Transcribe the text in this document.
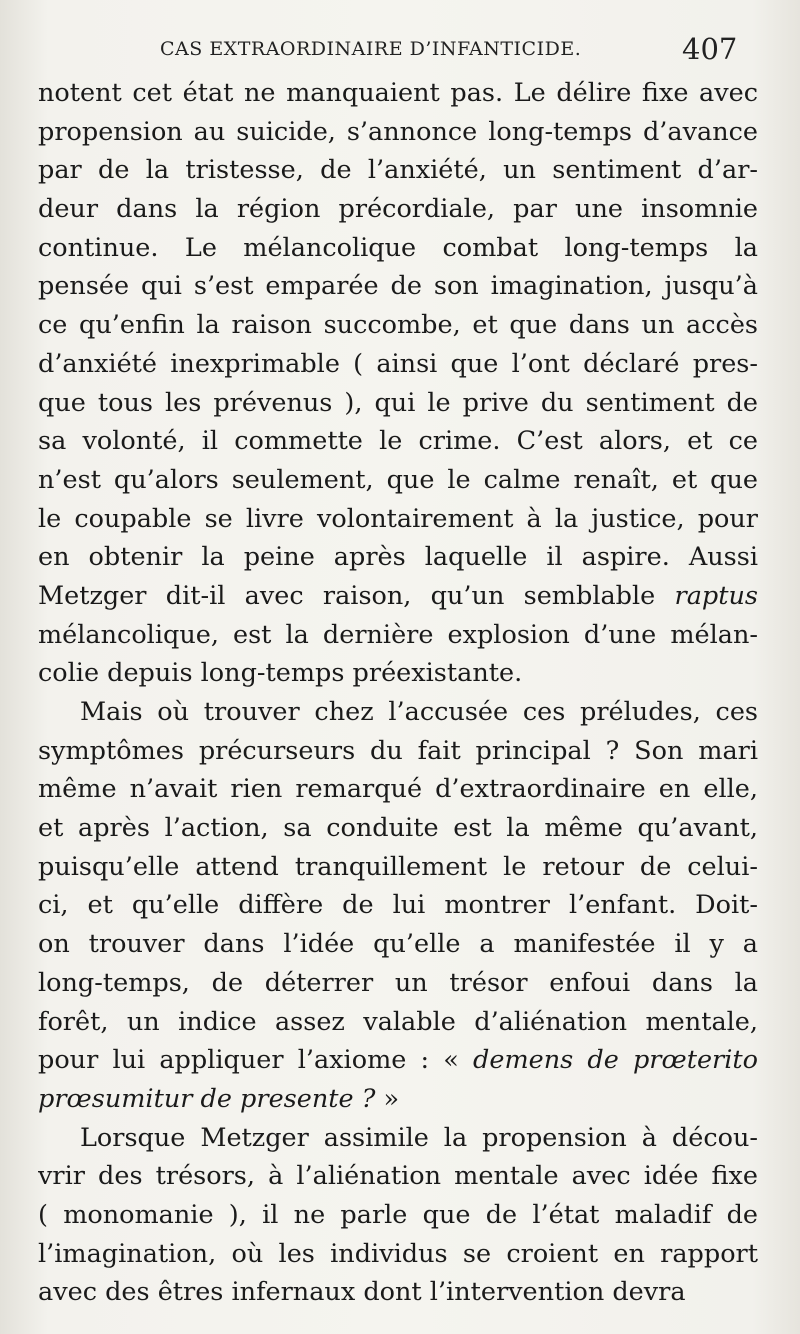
CAS EXTRAORDINAIRE D’INFANTICIDE.	407
notent cet état ne manquaient pas. Le délire fixe avec
propension au suicide, s’annonce long-temps d’avance
par de la tristesse, de l’anxiété, un sentiment d’ar-
deur dans la région précordiale, par une insomnie
continue. Le mélancolique combat long-temps la
pensée qui s’est emparée de son imagination, jusqu’à
ce qu’enfin la raison succombe, et que dans un accès
d’anxiété inexprimable ( ainsi que l’ont déclaré pres-
que tous les prévenus ), qui le prive du sentiment de
sa volonté, il commette le crime. C’est alors, et ce
n’est qu’alors seulement, que le calme renaît, et que
le coupable se livre volontairement à la justice, pour
en obtenir la peine après laquelle il aspire. Aussi
Metzger dit-il avec raison, qu’un semblable raptus
mélancolique, est la dernière explosion d’une mélan-
colie depuis long-temps préexistante.
Mais où trouver chez l’accusée ces préludes, ces
symptômes précurseurs du fait principal ? Son mari
même n’avait rien remarqué d’extraordinaire en elle,
et après l’action, sa conduite est la même qu’avant,
puisqu’elle attend tranquillement le retour de celui-
ci, et qu’elle diffère de lui montrer l’enfant. Doit-
on trouver dans l’idée qu’elle a manifestée il y a
long-temps, de déterrer un trésor enfoui dans la
forêt, un indice assez valable d’aliénation mentale,
pour lui appliquer l’axiome : « demens de prœterito
prœsumitur de presente ? »
Lorsque Metzger assimile la propension à décou-
vrir des trésors, à l’aliénation mentale avec idée fixe
( monomanie ), il ne parle que de l’état maladif de
l’imagination, où les individus se croient en rapport
avec des êtres infernaux dont l’intervention devra
